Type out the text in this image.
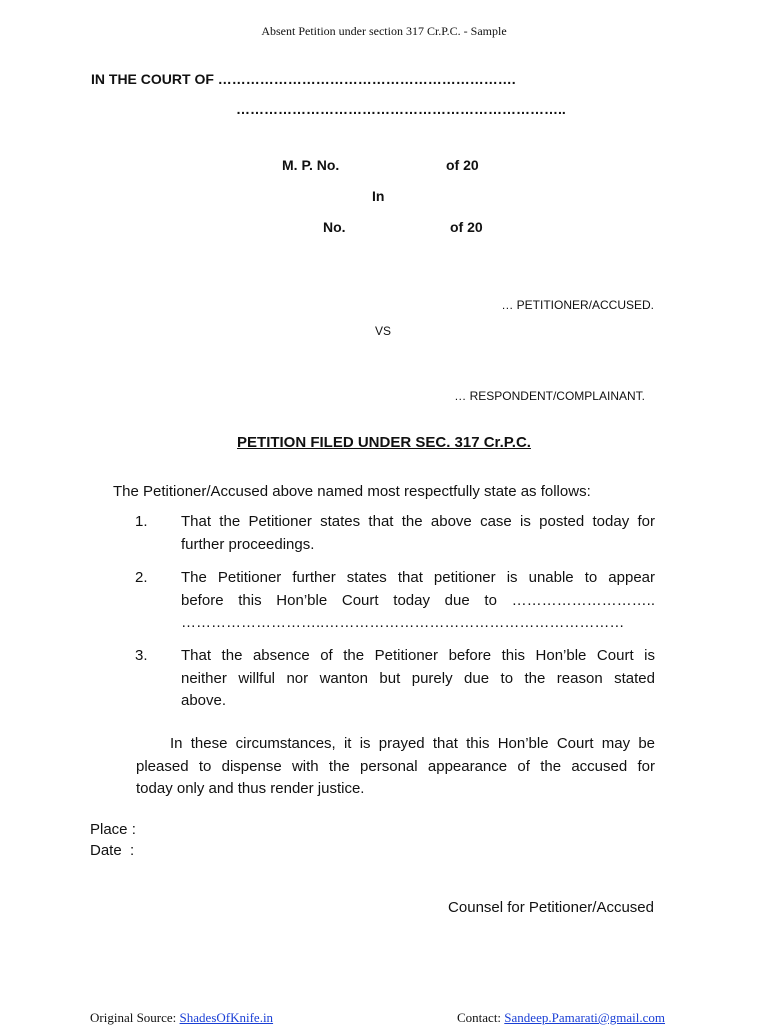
Absent Petition under section 317 Cr.P.C. - Sample
IN THE COURT OF ……………………………………………………….
……………………………………………………………..
M. P. No.	of 20
In
No.	of 20
… PETITIONER/ACCUSED.
VS
… RESPONDENT/COMPLAINANT.
PETITION FILED UNDER SEC. 317 Cr.P.C.
The Petitioner/Accused above named most respectfully state as follows:
1. That the Petitioner states that the above case is posted today for
further proceedings.
2. The Petitioner further states that petitioner is unable to appear
before this Hon’ble Court today due to ………………………..
………………………..……………………………………………………
3. That the absence of the Petitioner before this Hon’ble Court is
neither willful nor wanton but purely due to the reason stated
above.
In these circumstances, it is prayed that this Hon’ble Court may be
pleased to dispense with the personal appearance of the accused for
today only and thus render justice.
Place :
Date  :
Counsel for Petitioner/Accused
Original Source: ShadesOfKnife.in	Contact: Sandeep.Pamarati@gmail.com
